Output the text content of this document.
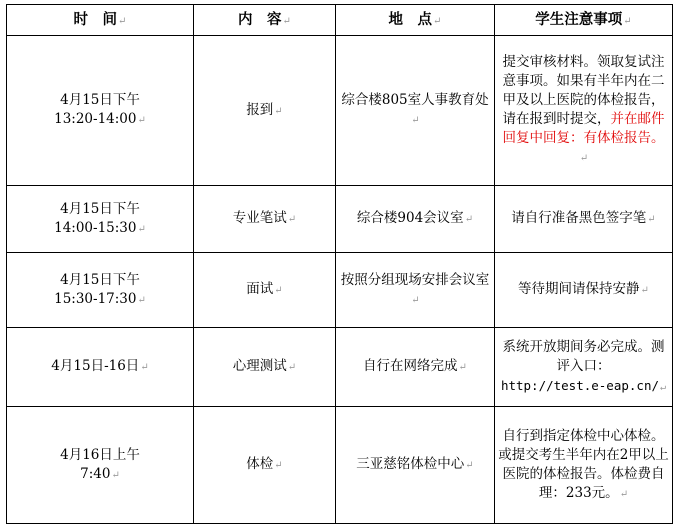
时　间↵	内　容↵	地　点↵	学生注意事项↵
4月15日下午
13:20-14:00↵	报到↵	综合楼805室人事教育处↵	提交审核材料。领取复试注意事项。如果有半年内在二甲及以上医院的体检报告，请在报到时提交，并在邮件回复中回复：有体检报告。↵

4月15日下午
14:00-15:30↵	专业笔试↵	综合楼904会议室↵	请自行准备黑色签字笔↵
4月15日下午
15:30-17:30↵	面试↵	按照分组现场安排会议室↵	等待期间请保持安静↵
4月15日-16日↵	心理测试↵	自行在网络完成↵	系统开放期间务必完成。测评入口：
http://test.e-eap.cn/↵

4月16日上午
7:40↵	体检↵	三亚慈铭体检中心↵	自行到指定体检中心体检。或提交考生半年内在2甲以上医院的体检报告。体检费自理：233元。↵
